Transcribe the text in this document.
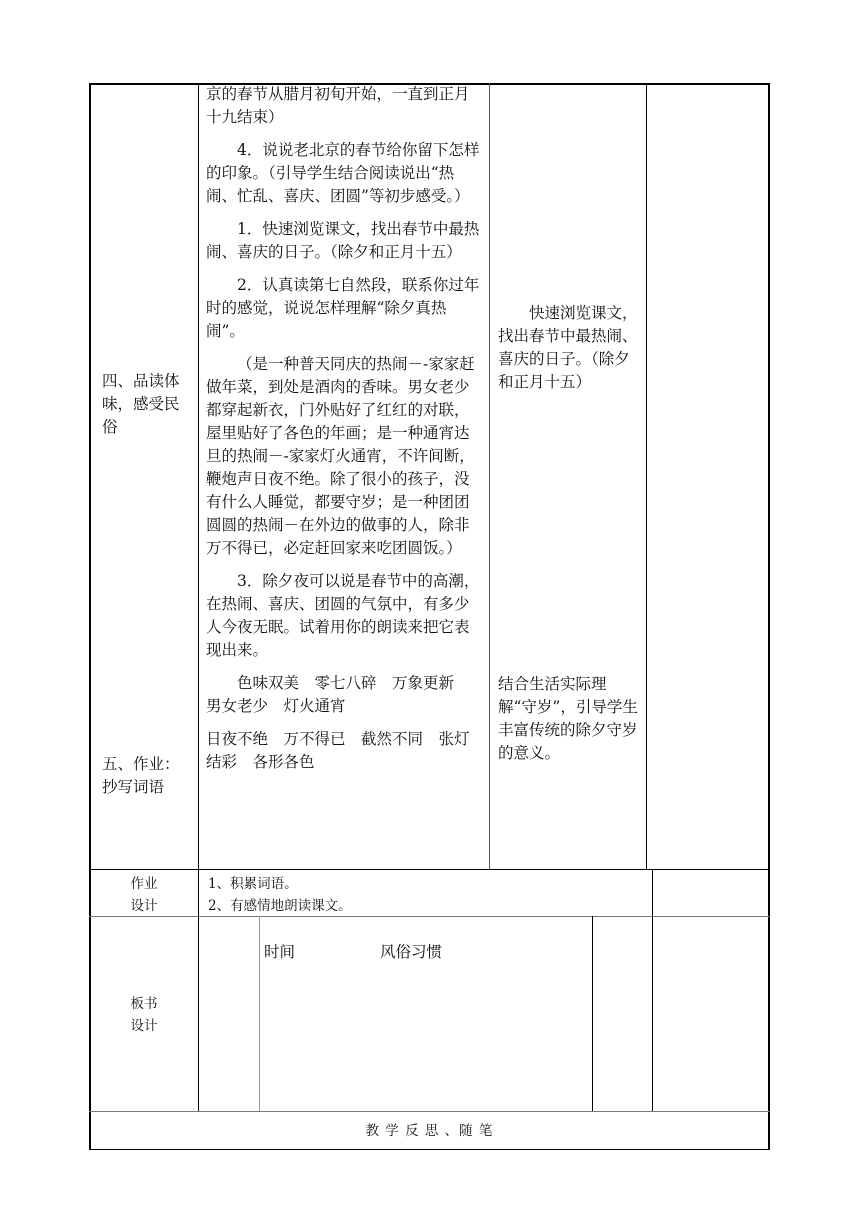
四、品读体味，感受民俗
五、作业：抄写词语

京的春节从腊月初旬开始，一直到正月十九结束）

4．说说老北京的春节给你留下怎样的印象。（引导学生结合阅读说出“热闹、忙乱、喜庆、团圆”等初步感受。）

1．快速浏览课文，找出春节中最热闹、喜庆的日子。（除夕和正月十五）

2．认真读第七自然段，联系你过年时的感觉，说说怎样理解“除夕真热闹”。

（是一种普天同庆的热闹－-家家赶做年菜，到处是酒肉的香味。男女老少都穿起新衣，门外贴好了红红的对联，屋里贴好了各色的年画；是一种通宵达旦的热闹－-家家灯火通宵，不许间断，鞭炮声日夜不绝。除了很小的孩子，没有什么人睡觉，都要守岁；是一种团团圆圆的热闹－在外边的做事的人，除非万不得已，必定赶回家来吃团圆饭。）

3．除夕夜可以说是春节中的高潮，在热闹、喜庆、团圆的气氛中，有多少人今夜无眠。试着用你的朗读来把它表现出来。

色味双美　零七八碎　万象更新　男女老少　灯火通宵

日夜不绝　万不得已　截然不同　张灯结彩　各形各色

快速浏览课文，找出春节中最热闹、喜庆的日子。（除夕和正月十五）
结合生活实际理解“守岁”，引导学生丰富传统的除夕守岁的意义。
作业
设计
1、积累词语。
2、有感情地朗读课文。
板书
设计
时间	风俗习惯
教 学 反 思 、随 笔
